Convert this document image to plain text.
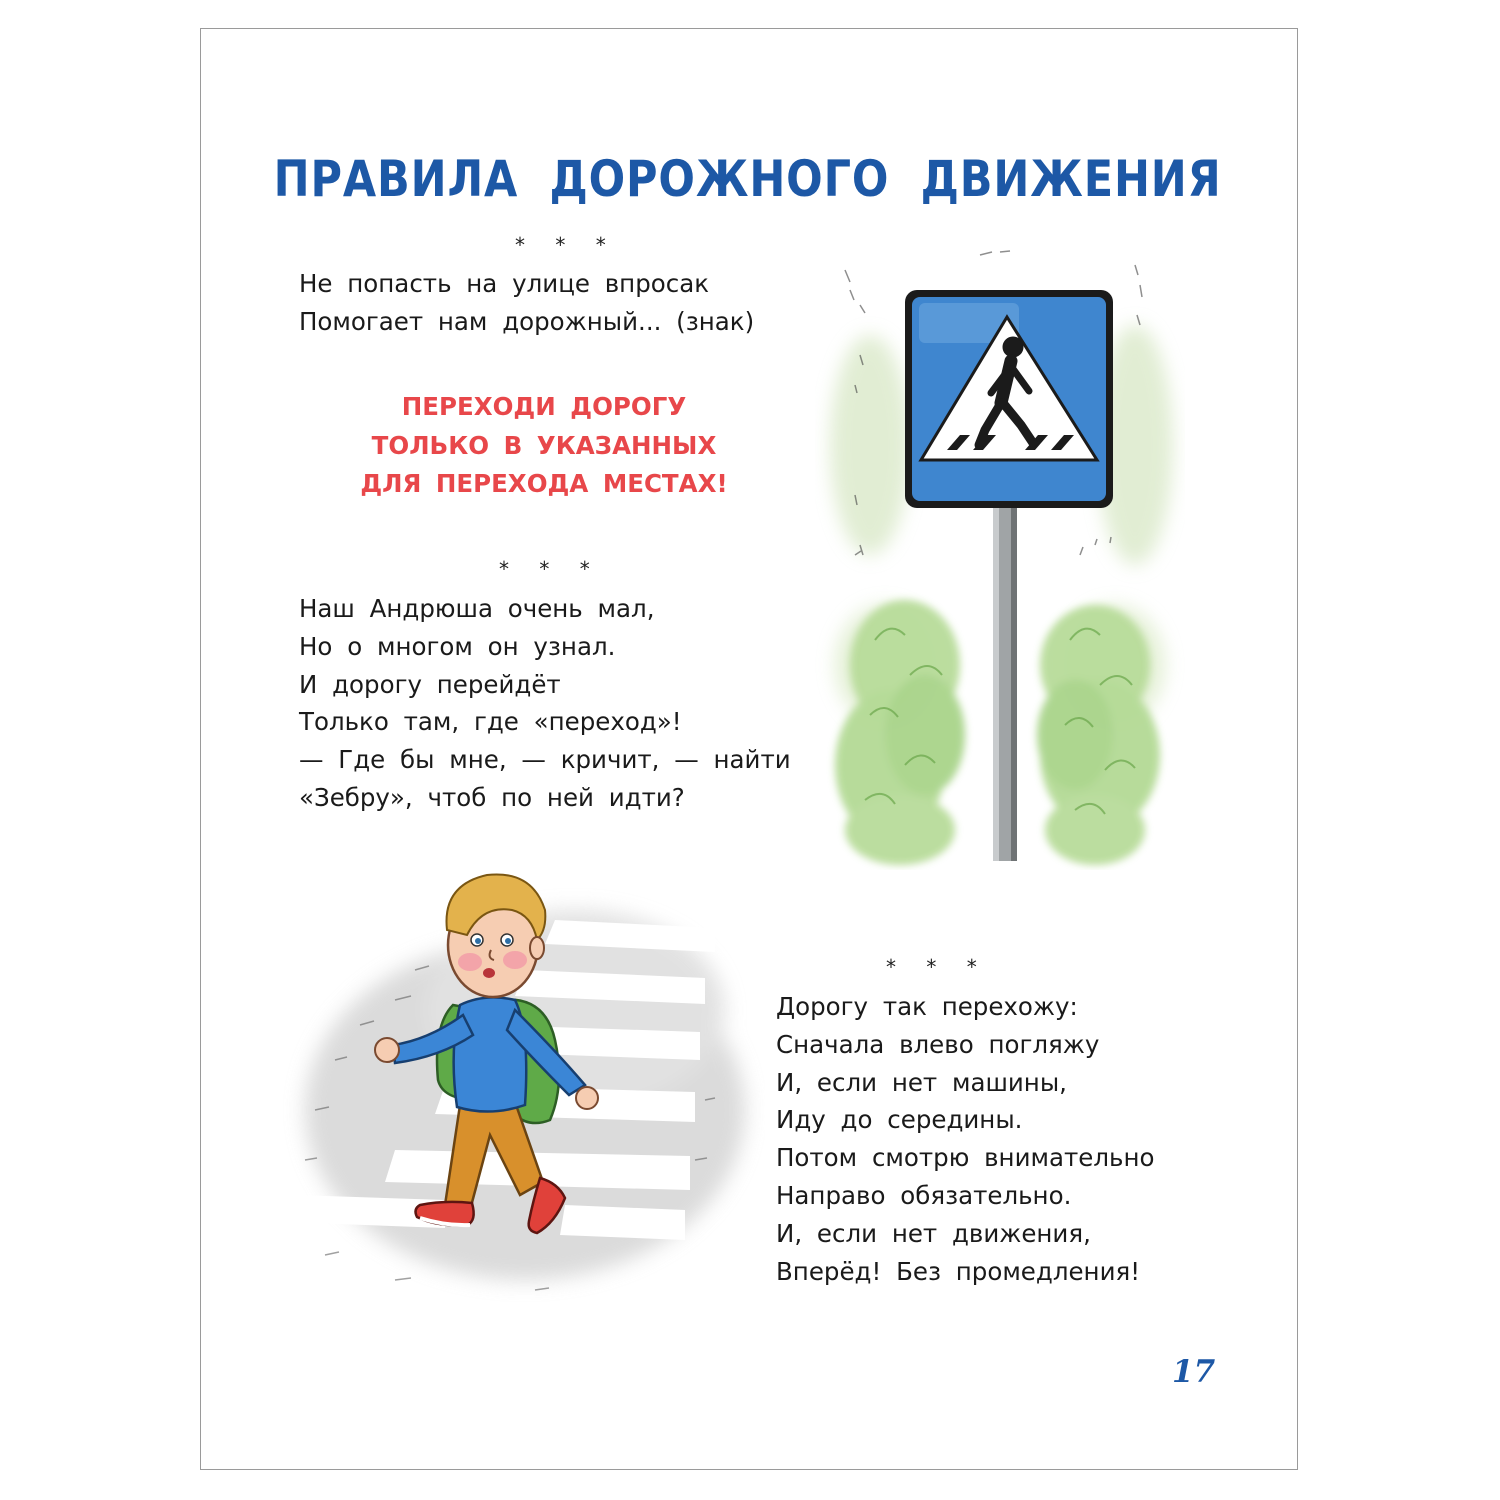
ПРАВИЛА ДОРОЖНОГО ДВИЖЕНИЯ
* * *
Не попасть на улице впросак
Помогает нам дорожный... (знак)
ПЕРЕХОДИ ДОРОГУ
ТОЛЬКО В УКАЗАННЫХ
ДЛЯ ПЕРЕХОДА МЕСТАХ!
* * *
Наш Андрюша очень мал,
Но о многом он узнал.
И дорогу перейдёт
Только там, где «переход»!
— Где бы мне, — кричит, — найти
«Зебру», чтоб по ней идти?
* * *
Дорогу так перехожу:
Сначала влево погляжу
И, если нет машины,
Иду до середины.
Потом смотрю внимательно
Направо обязательно.
И, если нет движения,
Вперёд! Без промедления!
17
